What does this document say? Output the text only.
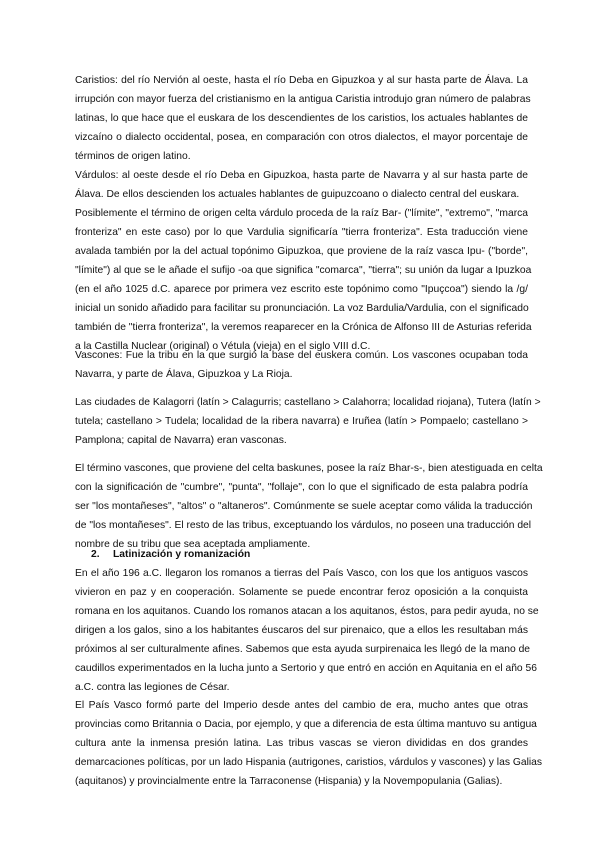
Caristios: del río Nervión al oeste, hasta el río Deba en Gipuzkoa y al sur hasta parte de Álava. La
irrupción con mayor fuerza del cristianismo en la antigua Caristia introdujo gran número de palabras
latinas, lo que hace que el euskara de los descendientes de los caristios, los actuales hablantes de
vizcaíno o dialecto occidental, posea, en comparación con otros dialectos, el mayor porcentaje de
términos de origen latino.
Várdulos: al oeste desde el río Deba en Gipuzkoa, hasta parte de Navarra y al sur hasta parte de
Álava. De ellos descienden los actuales hablantes de guipuzcoano o dialecto central del euskara.
Posiblemente el término de origen celta várdulo proceda de la raíz Bar- ("límite", "extremo", "marca
fronteriza" en este caso) por lo que Vardulia significaría "tierra fronteriza". Esta traducción viene
avalada también por la del actual topónimo Gipuzkoa, que proviene de la raíz vasca Ipu- ("borde",
"límite") al que se le añade el sufijo -oa que significa "comarca", "tierra"; su unión da lugar a Ipuzkoa
(en el año 1025 d.C. aparece por primera vez escrito este topónimo como "Ipuçcoa") siendo la /g/
inicial un sonido añadido para facilitar su pronunciación. La voz Bardulia/Vardulia, con el significado
también de "tierra fronteriza", la veremos reaparecer en la Crónica de Alfonso III de Asturias referida
a la Castilla Nuclear (original) o Vétula (vieja) en el siglo VIII d.C.
Vascones: Fue la tribu en la que surgió la base del euskera común. Los vascones ocupaban toda
Navarra, y parte de Álava, Gipuzkoa y La Rioja.
Las ciudades de Kalagorri (latín > Calagurris; castellano > Calahorra; localidad riojana), Tutera (latín >
tutela; castellano > Tudela; localidad de la ribera navarra) e Iruñea (latín > Pompaelo; castellano >
Pamplona; capital de Navarra) eran vasconas.
El término vascones, que proviene del celta baskunes, posee la raíz Bhar-s-, bien atestiguada en celta
con la significación de "cumbre", "punta", "follaje", con lo que el significado de esta palabra podría
ser "los montañeses", "altos" o "altaneros". Comúnmente se suele aceptar como válida la traducción
de "los montañeses". El resto de las tribus, exceptuando los várdulos, no poseen una traducción del
nombre de su tribu que sea aceptada ampliamente.
2. Latinización y romanización
En el año 196 a.C. llegaron los romanos a tierras del País Vasco, con los que los antiguos vascos
vivieron en paz y en cooperación. Solamente se puede encontrar feroz oposición a la conquista
romana en los aquitanos. Cuando los romanos atacan a los aquitanos, éstos, para pedir ayuda, no se
dirigen a los galos, sino a los habitantes éuscaros del sur pirenaico, que a ellos les resultaban más
próximos al ser culturalmente afines. Sabemos que esta ayuda surpirenaica les llegó de la mano de
caudillos experimentados en la lucha junto a Sertorio y que entró en acción en Aquitania en el año 56
a.C. contra las legiones de César.
El País Vasco formó parte del Imperio desde antes del cambio de era, mucho antes que otras
provincias como Britannia o Dacia, por ejemplo, y que a diferencia de esta última mantuvo su antigua
cultura ante la inmensa presión latina. Las tribus vascas se vieron divididas en dos grandes
demarcaciones políticas, por un lado Hispania (autrigones, caristios, várdulos y vascones) y las Galias
(aquitanos) y provincialmente entre la Tarraconense (Hispania) y la Novempopulania (Galias).
